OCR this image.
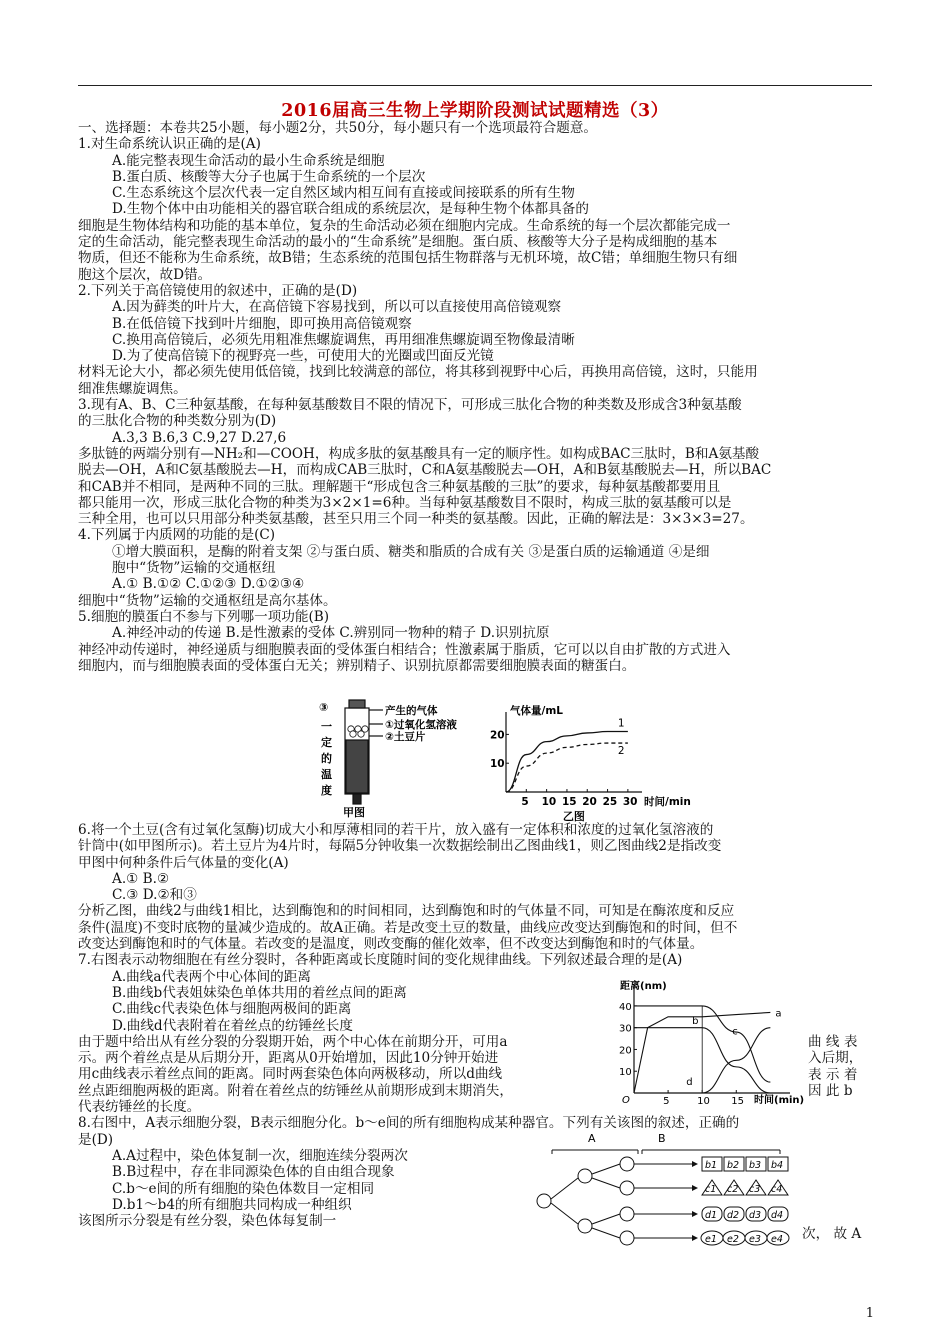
2016届高三生物上学期阶段测试试题精选（3）
一、选择题：本卷共25小题，每小题2分，共50分，每小题只有一个选项最符合题意。
1.对生命系统认识正确的是(A)
A.能完整表现生命活动的最小生命系统是细胞
B.蛋白质、核酸等大分子也属于生命系统的一个层次
C.生态系统这个层次代表一定自然区域内相互间有直接或间接联系的所有生物
D.生物个体中由功能相关的器官联合组成的系统层次，是每种生物个体都具备的
细胞是生物体结构和功能的基本单位，复杂的生命活动必须在细胞内完成。生命系统的每一个层次都能完成一
定的生命活动，能完整表现生命活动的最小的“生命系统”是细胞。蛋白质、核酸等大分子是构成细胞的基本
物质，但还不能称为生命系统，故B错；生态系统的范围包括生物群落与无机环境，故C错；单细胞生物只有细
胞这个层次，故D错。
2.下列关于高倍镜使用的叙述中，正确的是(D)
A.因为藓类的叶片大，在高倍镜下容易找到，所以可以直接使用高倍镜观察
B.在低倍镜下找到叶片细胞，即可换用高倍镜观察
C.换用高倍镜后，必须先用粗准焦螺旋调焦，再用细准焦螺旋调至物像最清晰
D.为了使高倍镜下的视野亮一些，可使用大的光圈或凹面反光镜
材料无论大小，都必须先使用低倍镜，找到比较满意的部位，将其移到视野中心后，再换用高倍镜，这时，只能用
细准焦螺旋调焦。
3.现有A、B、C三种氨基酸，在每种氨基酸数目不限的情况下，可形成三肽化合物的种类数及形成含3种氨基酸
的三肽化合物的种类数分别为(D)
A.3,3 B.6,3 C.9,27 D.27,6
多肽链的两端分别有—NH₂和—COOH，构成多肽的氨基酸具有一定的顺序性。如构成BAC三肽时，B和A氨基酸
脱去—OH，A和C氨基酸脱去—H，而构成CAB三肽时，C和A氨基酸脱去—OH，A和B氨基酸脱去—H，所以BAC
和CAB并不相同，是两种不同的三肽。理解题干“形成包含三种氨基酸的三肽”的要求，每种氨基酸都要用且
都只能用一次，形成三肽化合物的种类为3×2×1=6种。当每种氨基酸数目不限时，构成三肽的氨基酸可以是
三种全用，也可以只用部分种类氨基酸，甚至只用三个同一种类的氨基酸。因此，正确的解法是：3×3×3=27。
4.下列属于内质网的功能的是(C)
①增大膜面积，是酶的附着支架 ②与蛋白质、糖类和脂质的合成有关 ③是蛋白质的运输通道 ④是细
胞中“货物”运输的交通枢纽
A.① B.①② C.①②③ D.①②③④
细胞中“货物”运输的交通枢纽是高尔基体。
5.细胞的膜蛋白不参与下列哪一项功能(B)
A.神经冲动的传递 B.是性激素的受体 C.辨别同一物种的精子 D.识别抗原
神经冲动传递时，神经递质与细胞膜表面的受体蛋白相结合；性激素属于脂质，它可以以自由扩散的方式进入
细胞内，而与细胞膜表面的受体蛋白无关；辨别精子、识别抗原都需要细胞膜表面的糖蛋白。
③
一
定
的
温
度
产生的气体
①过氧化氢溶液
②土豆片
甲图
气体量/mL
时间/min
10
20
5 10 15 20 25 30
1
2
乙图
6.将一个土豆(含有过氧化氢酶)切成大小和厚薄相同的若干片，放入盛有一定体积和浓度的过氧化氢溶液的
针筒中(如甲图所示)。若土豆片为4片时，每隔5分钟收集一次数据绘制出乙图曲线1，则乙图曲线2是指改变
甲图中何种条件后气体量的变化(A)
A.① B.②
C.③ D.②和③
分析乙图，曲线2与曲线1相比，达到酶饱和的时间相同，达到酶饱和时的气体量不同，可知是在酶浓度和反应
条件(温度)不变时底物的量减少造成的。故A正确。若是改变土豆的数量，曲线应改变达到酶饱和的时间，但不
改变达到酶饱和时的气体量。若改变的是温度，则改变酶的催化效率，但不改变达到酶饱和时的气体量。
7.右图表示动物细胞在有丝分裂时，各种距离或长度随时间的变化规律曲线。下列叙述最合理的是(A)
A.曲线a代表两个中心体间的距离
B.曲线b代表姐妹染色单体共用的着丝点间的距离
C.曲线c代表染色体与细胞两极间的距离
D.曲线d代表附着在着丝点的纺锤丝长度
由于题中给出从有丝分裂的分裂期开始，两个中心体在前期分开，可用a
示。两个着丝点是从后期分开，距离从0开始增加，因此10分钟开始进
用c曲线表示着丝点间的距离。同时两套染色体向两极移动，所以d曲线
丝点距细胞两极的距离。附着在着丝点的纺锤丝从前期形成到末期消失，
代表纺锤丝的长度。
8.右图中，A表示细胞分裂，B表示细胞分化。b～e间的所有细胞构成某种器官。下列有关该图的叙述，正确的
是(D)
A.A过程中，染色体复制一次，细胞连续分裂两次
B.B过程中，存在非同源染色体的自由组合现象
C.b～e间的所有细胞的染色体数目一定相同
D.b1～b4的所有细胞共同构成一种组织
该图所示分裂是有丝分裂，染色体每复制一
曲 线 表
入后期，
表 示 着
因 此 b
距离(nm)
时间(min)
O
10
20
30
40
5	10 15
a
b
c
d
A	B
b1 b2 b3 b4
c1 c2 c3 c4
d1 d2 d3 d4
e1 e2 e3 e4 次， 故 A
1
